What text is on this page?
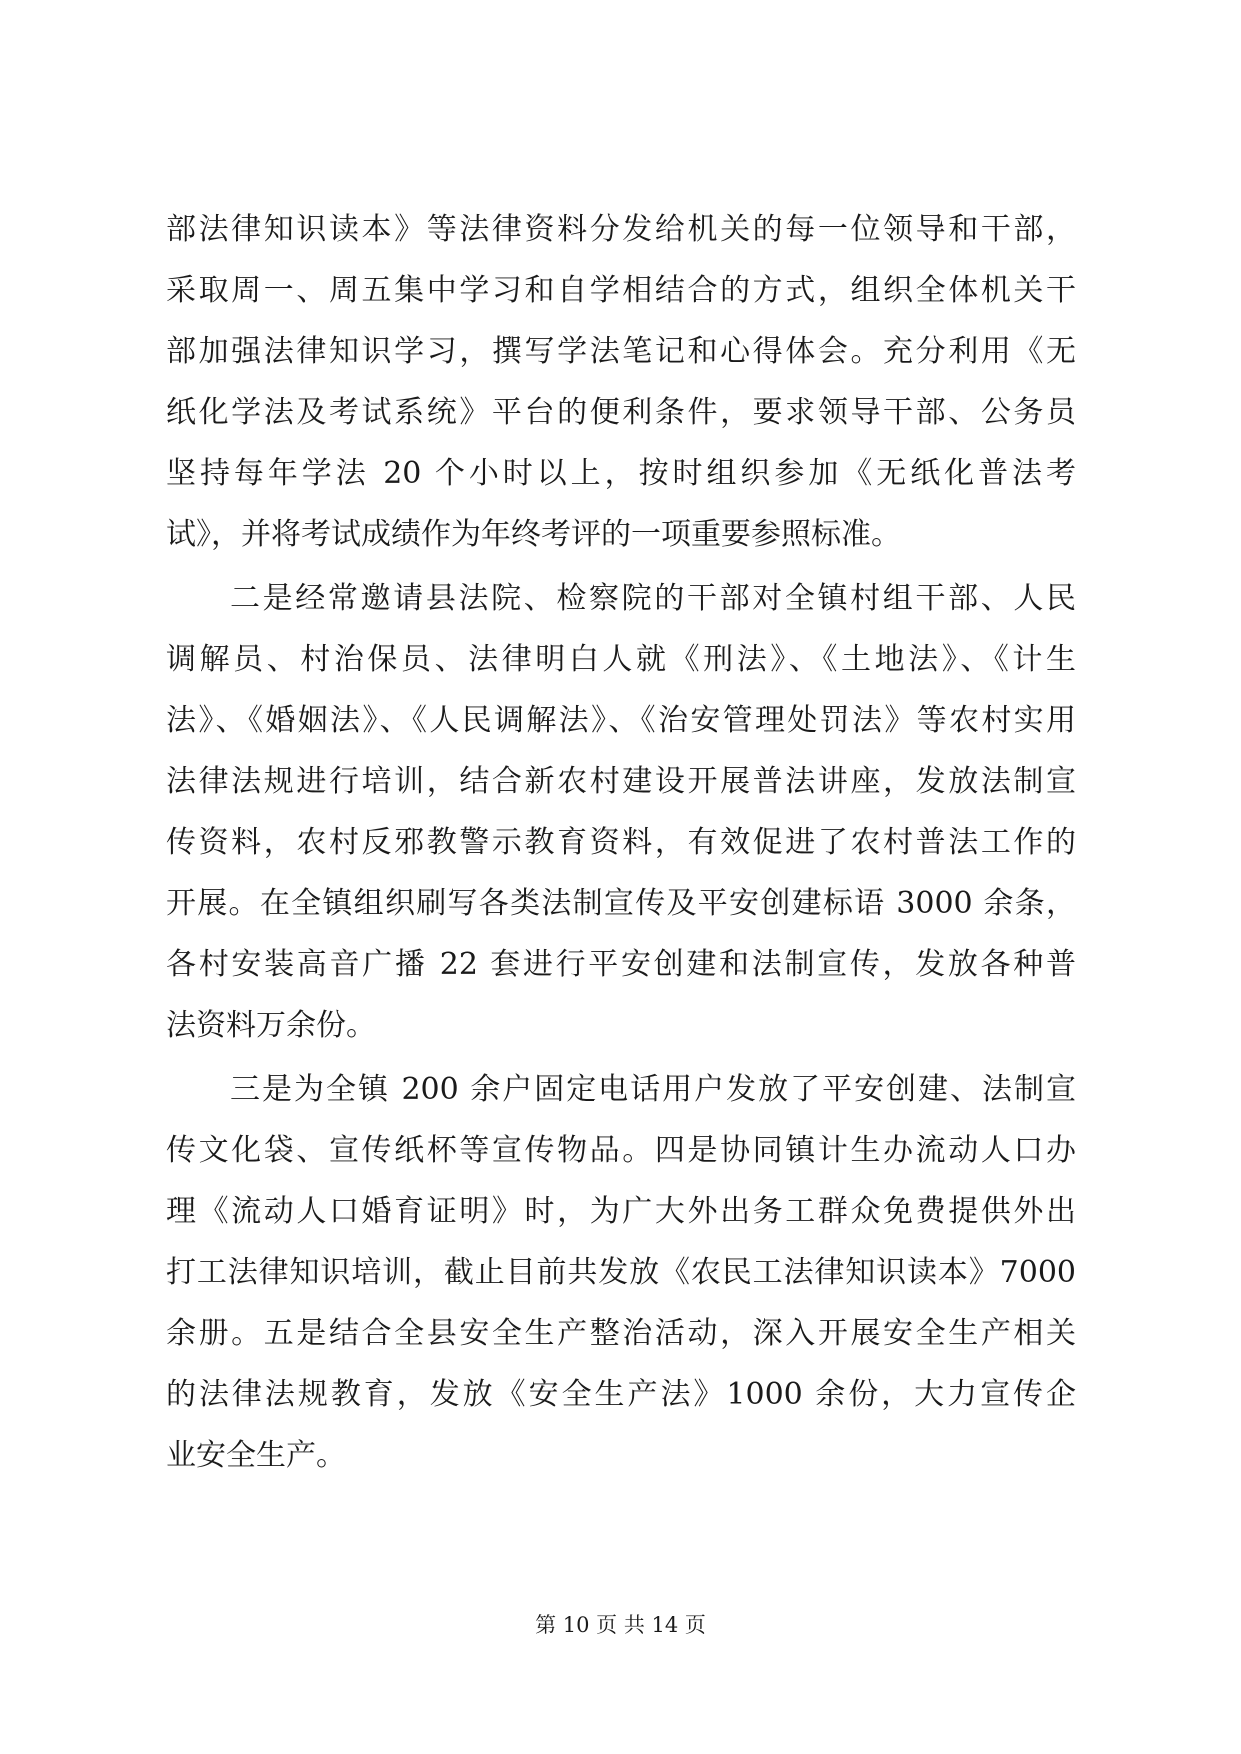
部法律知识读本》等法律资料分发给机关的每一位领导和干部，
采取周一、周五集中学习和自学相结合的方式，组织全体机关干
部加强法律知识学习，撰写学法笔记和心得体会。充分利用《无
纸化学法及考试系统》平台的便利条件，要求领导干部、公务员
坚持每年学法 20 个小时以上，按时组织参加《无纸化普法考
试》，并将考试成绩作为年终考评的一项重要参照标准。
二是经常邀请县法院、检察院的干部对全镇村组干部、人民
调解员、村治保员、法律明白人就《刑法》、《土地法》、《计生
法》、《婚姻法》、《人民调解法》、《治安管理处罚法》等农村实用
法律法规进行培训，结合新农村建设开展普法讲座，发放法制宣
传资料，农村反邪教警示教育资料，有效促进了农村普法工作的
开展。在全镇组织刷写各类法制宣传及平安创建标语 3000 余条，
各村安装高音广播 22 套进行平安创建和法制宣传，发放各种普
法资料万余份。
三是为全镇 200 余户固定电话用户发放了平安创建、法制宣
传文化袋、宣传纸杯等宣传物品。四是协同镇计生办流动人口办
理《流动人口婚育证明》时，为广大外出务工群众免费提供外出
打工法律知识培训，截止目前共发放《农民工法律知识读本》7000
余册。五是结合全县安全生产整治活动，深入开展安全生产相关
的法律法规教育，发放《安全生产法》1000 余份，大力宣传企
业安全生产。
第 10 页 共 14 页
